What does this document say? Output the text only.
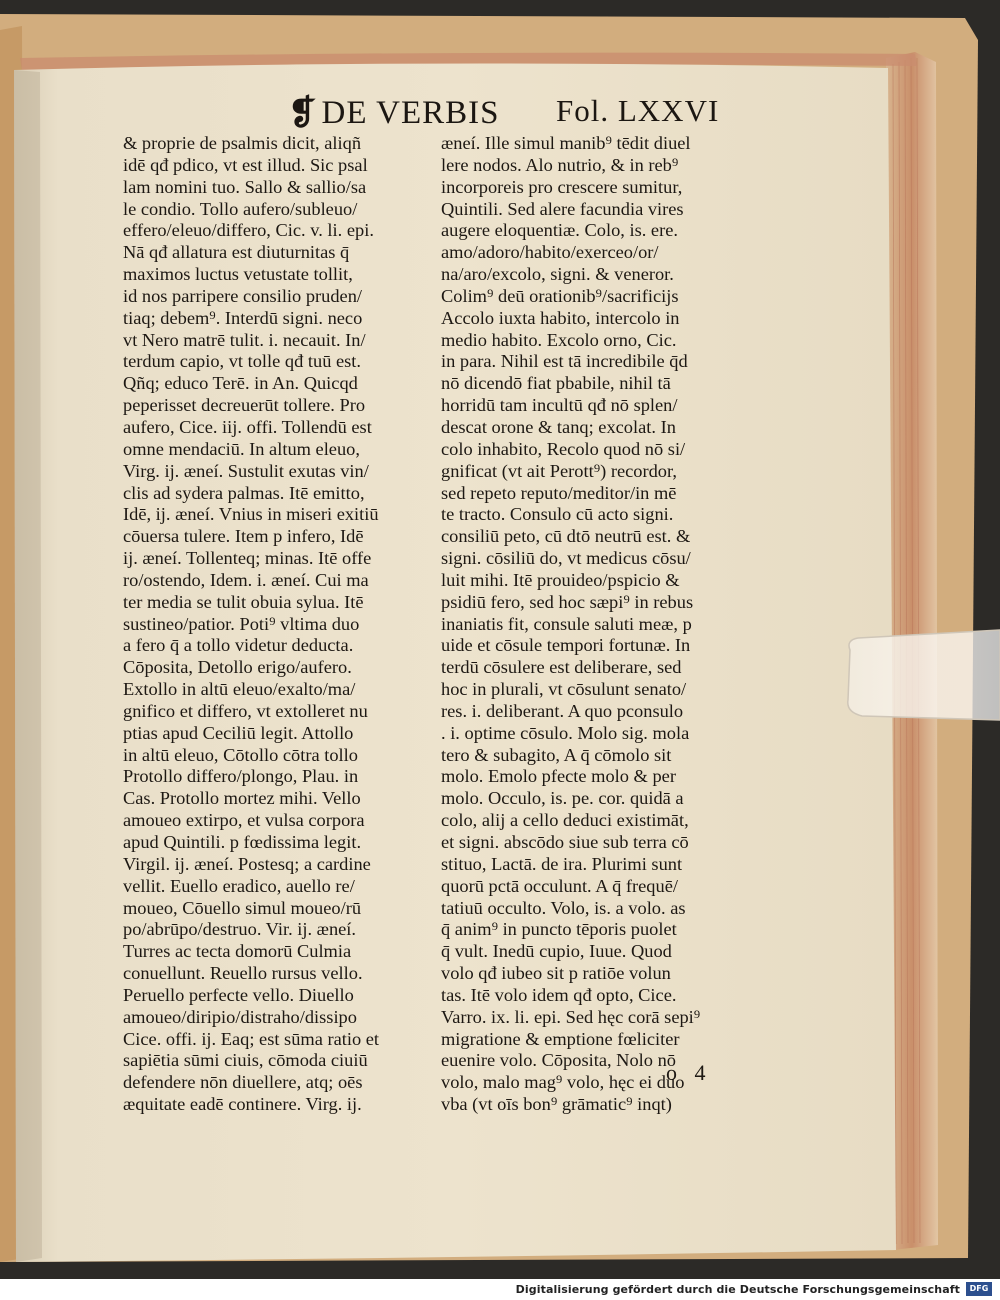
❡ DE VERBIS Fol. LXXVI
& proprie de psalmis dicit, aliqñ
idē qđ pdico, vt est illud. Sic psal
lam nomini tuo. Sallo & sallio/sa
le condio. Tollo aufero/subleuo/
effero/eleuo/differo, Cic. v. li. epi.
Nā qđ allatura est diuturnitas q̄
maximos luctus vetustate tollit,
id nos parripere consilio pruden/
tiaq; debem⁹. Interdū signi. neco
vt Nero matrē tulit. i. necauit. In/
terdum capio, vt tolle qđ tuū est.
Qñq; educo Terē. in An. Quicqd
peperisset decreuerūt tollere. Pro
aufero, Cice. iij. offi. Tollendū est
omne mendaciū. In altum eleuo,
Virg. ij. æneí. Sustulit exutas vin/
clis ad sydera palmas. Itē emitto,
Idē, ij. æneí. Vnius in miseri exitiū
cōuersa tulere. Item p infero, Idē
ij. æneí. Tollenteq; minas. Itē offe
ro/ostendo, Idem. i. æneí. Cui ma
ter media se tulit obuia sylua. Itē
sustineo/patior. Poti⁹ vltima duo
a fero q̄ a tollo videtur deducta.
Cōposita, Detollo erigo/aufero.
Extollo in altū eleuo/exalto/ma/
gnifico et differo, vt extolleret nu
ptias apud Ceciliū legit. Attollo
in altū eleuo, Cōtollo cōtra tollo
Protollo differo/plongo, Plau. in
Cas. Protollo mortez mihi. Vello
amoueo extirpo, et vulsa corpora
apud Quintili. p fœdissima legit.
Virgil. ij. æneí. Postesq; a cardine
vellit. Euello eradico, auello re/
moueo, Cōuello simul moueo/rū
po/abrūpo/destruo. Vir. ij. æneí.
Turres ac tecta domorū Culmia
conuellunt. Reuello rursus vello.
Peruello perfecte vello. Diuello
amoueo/diripio/distraho/dissipo
Cice. offi. ij. Eaq; est sūma ratio et
sapiētia sūmi ciuis, cōmoda ciuiū
defendere nōn diuellere, atq; oēs
æquitate eadē continere. Virg. ij.
æneí. Ille simul manib⁹ tēdit diuel
lere nodos. Alo nutrio, & in reb⁹
incorporeis pro crescere sumitur,
Quintili. Sed alere facundia vires
augere eloquentiæ. Colo, is. ere.
amo/adoro/habito/exerceo/or/
na/aro/excolo, signi. & veneror.
Colim⁹ deū orationib⁹/sacrificijs
Accolo iuxta habito, intercolo in
medio habito. Excolo orno, Cic.
in para. Nihil est tā incredibile q̄d
nō dicendō fiat pbabile, nihil tā
horridū tam incultū qđ nō splen/
descat orone & tanq; excolat. In
colo inhabito, Recolo quod nō si/
gnificat (vt ait Perott⁹) recordor,
sed repeto reputo/meditor/in mē
te tracto. Consulo cū acto signi.
consiliū peto, cū dtō neutrū est. &
signi. cōsiliū do, vt medicus cōsu/
luit mihi. Itē prouideo/pspicio &
psidiū fero, sed hoc sæpi⁹ in rebus
inaniatis fit, consule saluti meæ, p
uide et cōsule tempori fortunæ. In
terdū cōsulere est deliberare, sed
hoc in plurali, vt cōsulunt senato/
res. i. deliberant. A quo pconsulo
. i. optime cōsulo. Molo sig. mola
tero & subagito, A q̄ cōmolo sit
molo. Emolo pfecte molo & per
molo. Occulo, is. pe. cor. quidā a
colo, alij a cello deduci existimāt,
et signi. abscōdo siue sub terra cō
stituo, Lactā. de ira. Plurimi sunt
quorū pctā occulunt. A q̄ frequē/
tatiuū occulto. Volo, is. a volo. as
q̄ anim⁹ in puncto tēporis puolet
q̄ vult. Inedū cupio, Iuue. Quod
volo qđ iubeo sit p ratiōe volun
tas. Itē volo idem qđ opto, Cice.
Varro. ix. li. epi. Sed hęc corā sepi⁹
migratione & emptione fœliciter
euenire volo. Cōposita, Nolo nō
volo, malo mag⁹ volo, hęc ei duo
vba (vt oīs bon⁹ grāmatic⁹ inqt)
o 4
Digitalisierung gefördert durch die Deutsche Forschungsgemeinschaft	DFG
